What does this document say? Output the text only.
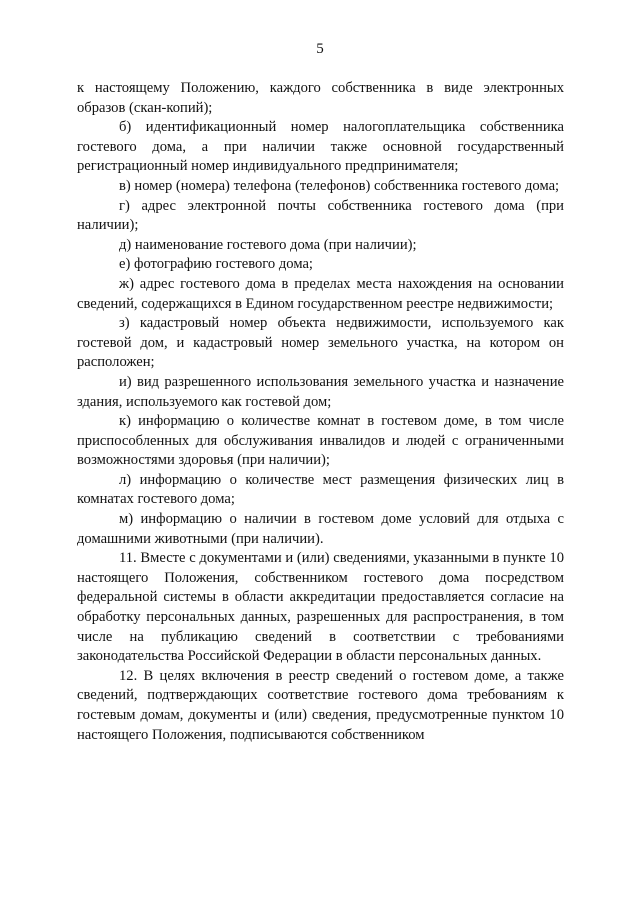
5

к настоящему Положению, каждого собственника в виде электронных образов (скан-копий);

б) идентификационный номер налогоплательщика собственника гостевого дома, а при наличии также основной государственный регистрационный номер индивидуального предпринимателя;

в) номер (номера) телефона (телефонов) собственника гостевого дома;

г) адрес электронной почты собственника гостевого дома (при наличии);

д) наименование гостевого дома (при наличии);

е) фотографию гостевого дома;

ж) адрес гостевого дома в пределах места нахождения на основании сведений, содержащихся в Едином государственном реестре недвижимости;

з) кадастровый номер объекта недвижимости, используемого как гостевой дом, и кадастровый номер земельного участка, на котором он расположен;

и) вид разрешенного использования земельного участка и назначение здания, используемого как гостевой дом;

к) информацию о количестве комнат в гостевом доме, в том числе приспособленных для обслуживания инвалидов и людей с ограниченными возможностями здоровья (при наличии);

л) информацию о количестве мест размещения физических лиц в комнатах гостевого дома;

м) информацию о наличии в гостевом доме условий для отдыха с домашними животными (при наличии).

11. Вместе с документами и (или) сведениями, указанными в пункте 10 настоящего Положения, собственником гостевого дома посредством федеральной системы в области аккредитации предоставляется согласие на обработку персональных данных, разрешенных для распространения, в том числе на публикацию сведений в соответствии с требованиями законодательства Российской Федерации в области персональных данных.

12. В целях включения в реестр сведений о гостевом доме, а также сведений, подтверждающих соответствие гостевого дома требованиям к гостевым домам, документы и (или) сведения, предусмотренные пунктом 10 настоящего Положения, подписываются собственником
